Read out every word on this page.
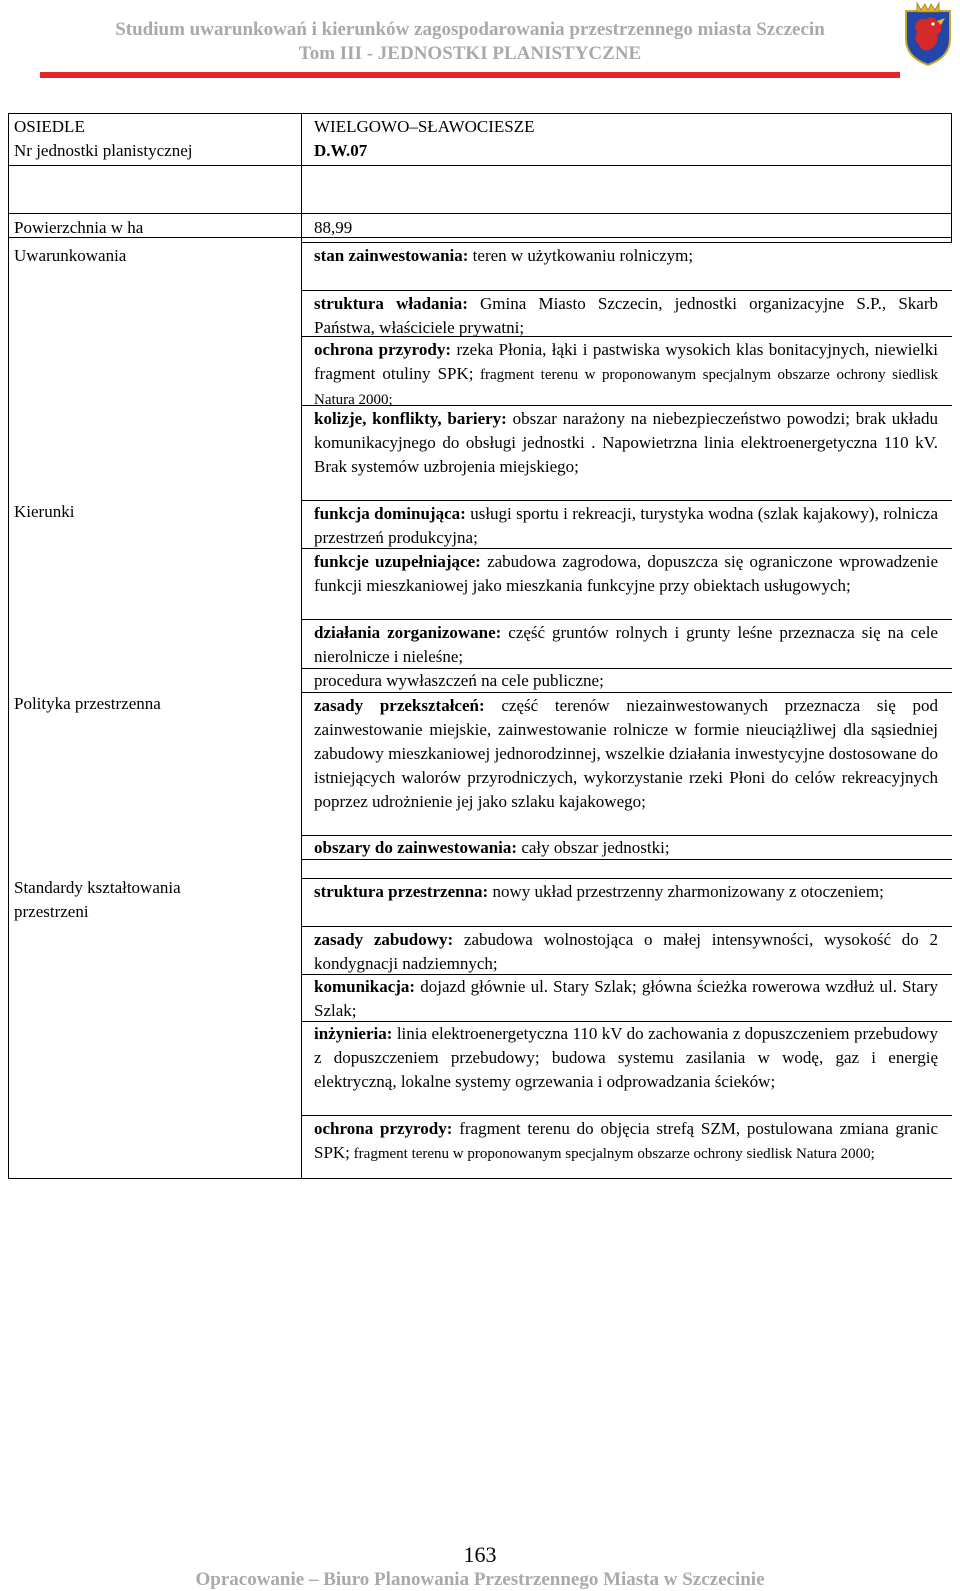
Studium uwarunkowań i kierunków zagospodarowania przestrzennego miasta Szczecin
Tom III - JEDNOSTKI PLANISTYCZNE
OSIEDLE
Nr jednostki planistycznej
Powierzchnia w ha
Uwarunkowania
Kierunki
Polityka przestrzenna
Standardy kształtowania przestrzeni
WIELGOWO–SŁAWOCIESZE
D.W.07
88,99

stan zainwestowania: teren w użytkowaniu rolniczym;

struktura władania: Gmina Miasto Szczecin, jednostki organizacyjne S.P., Skarb Państwa, właściciele prywatni;

ochrona przyrody: rzeka Płonia, łąki i pastwiska wysokich klas bonitacyjnych, niewielki fragment otuliny SPK; fragment terenu w proponowanym specjalnym obszarze ochrony siedlisk Natura 2000;

kolizje, konflikty, bariery: obszar narażony na niebezpieczeństwo powodzi; brak układu komunikacyjnego do obsługi jednostki . Napowietrzna linia elektroenergetyczna 110 kV. Brak systemów uzbrojenia miejskiego;

funkcja dominująca: usługi sportu i rekreacji, turystyka wodna (szlak kajakowy), rolnicza przestrzeń produkcyjna;

funkcje uzupełniające: zabudowa zagrodowa, dopuszcza się ograniczone wprowadzenie funkcji mieszkaniowej jako mieszkania funkcyjne przy obiektach usługowych;

działania zorganizowane: część gruntów rolnych i grunty leśne przeznacza się na cele nierolnicze i nieleśne;

procedura wywłaszczeń na cele publiczne;

zasady przekształceń: część terenów niezainwestowanych przeznacza się pod zainwestowanie miejskie, zainwestowanie rolnicze w formie nieuciążliwej dla sąsiedniej zabudowy mieszkaniowej jednorodzinnej, wszelkie działania inwestycyjne dostosowane do istniejących walorów przyrodniczych, wykorzystanie rzeki Płoni do celów rekreacyjnych poprzez udrożnienie jej jako szlaku kajakowego;

obszary do zainwestowania: cały obszar jednostki;

struktura przestrzenna: nowy układ przestrzenny zharmonizowany z otoczeniem;

zasady zabudowy: zabudowa wolnostojąca o małej intensywności, wysokość do 2 kondygnacji nadziemnych;

komunikacja: dojazd głównie ul. Stary Szlak; główna ścieżka rowerowa wzdłuż ul. Stary Szlak;

inżynieria: linia elektroenergetyczna 110 kV do zachowania z dopuszczeniem przebudowy z dopuszczeniem przebudowy; budowa systemu zasilania w wodę, gaz i energię elektryczną, lokalne systemy ogrzewania i odprowadzania ścieków;

ochrona przyrody: fragment terenu do objęcia strefą SZM, postulowana zmiana granic SPK; fragment terenu w proponowanym specjalnym obszarze ochrony siedlisk Natura 2000;

163
Opracowanie – Biuro Planowania Przestrzennego Miasta w Szczecinie
